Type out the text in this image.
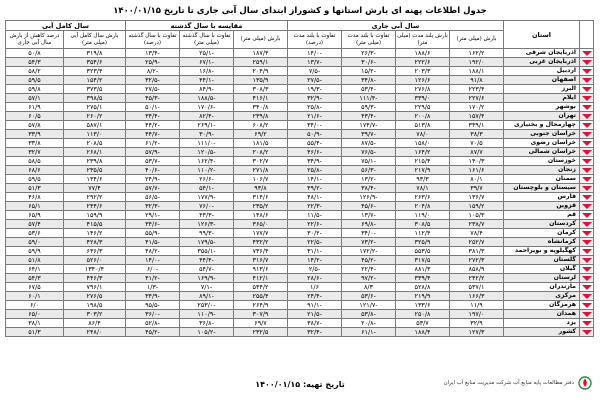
جدول اطلاعات پهنه ای بارش استانها و کشوراز ابتدای سال آبی جاری تا تاریخ ۱۴۰۰/۰۱/۱۵
	استان	سال آبی جاری				مقایسه با سال گذشته			سال کامل آبی	
		بارش (میلی متر)	بارش بلند مدت (میلی متر)	تفاوت با بلند مدت (میلی متر)	تفاوت با بلند مدت (درصد)	بارش (میلی متر)	تفاوت با سال گذشته (میلی متر)	تفاوت با سال گذشته (درصد)	بارش سال کامل آبی (میلی متر)	درصد کاهش از بارش سال آبی جاری
	آذربایجان شرقی	۱۶۲/۲	۱۸۸/۶	-۲۶/۳	-۱۴/۰	۱۸۷/۴	-۲۵/۱	-۱۳/۴	۳۱۹/۸	۵۰/۸
	آذربایجان غربی	۱۹۲/۰	۲۲۲/۶	-۳۰/۶	-۱۳/۷	۲۵۹/۱	-۶۷/۱	-۲۵/۹	۳۵۴/۶	۵۴/۳
	اردبیل	۱۸۸/۱	۲۰۳/۳	-۱۵/۲	-۷/۵	۲۰۴/۹	-۱۶/۸	-۸/۲	۳۲۳/۴	۵۸/۲
	اصفهان	۹۱/۸	۱۲۶/۶	-۳۴/۸	-۲۷/۵	۱۳۵/۹	-۴۴/۱	-۳۲/۵	۱۵۴/۲	۵۹/۵
	البرز	۲۲۳/۴	۲۷۶/۸	-۵۳/۴	-۱۹/۳	۳۰۸/۳	-۸۴/۹	-۲۷/۵	۳۷۳/۵	۵۹/۸
	ایلام	۲۲۷/۶	۳۳۹/۰	-۱۱۱/۴	-۳۲/۹	۴۱۶/۱	-۱۸۸/۵	-۴۵/۳	۳۹۸/۵	۵۷/۱
	بوشهر	۱۷۰/۲	۲۲۹/۵	-۵۹/۳	-۲۵/۸	۳۴۰/۸	-۱۷۰/۶	-۵۰/۱	۲۷۵/۱	۶۱/۹
	تهران	۱۵۷/۴	۲۰۰/۸	-۴۳/۴	-۲۱/۶	۲۳۹/۸	-۸۲/۴	-۳۴/۴	۲۶۰/۲	۶۰/۵
	چهارمحال و بختیاری	۳۳۹/۱	۵۱۳/۸	-۱۷۴/۷	-۳۴/۰	۶۰۸/۲	-۲۶۹/۱	-۴۴/۲	۵۸۷/۱	۵۷/۸
	خراسان جنوبی	۳۸/۳	۷۸/۰	-۳۹/۷	-۵۰/۹	۶۹/۲	-۳۰/۹	-۴۴/۷	۱۱۳/۰	۳۳/۹
	خراسان رضوی	۷۰/۵	۱۵۸/۰	-۸۷/۵	-۵۵/۴	۱۸۱/۵	-۱۱۱/۰	-۶۱/۲	۲۰۸/۵	۳۳/۸
	خراسان شمالی	۸۷/۷	۱۶۴/۲	-۷۶/۵	-۴۶/۶	۲۰۸/۲	-۱۲۰/۵	-۵۷/۹	۲۶۸/۱	۳۲/۷
	خوزستان	۱۴۰/۳	۲۱۵/۴	-۷۵/۱	-۳۴/۹	۳۰۲/۷	-۱۶۲/۴	-۵۳/۷	۲۳۹/۸	۵۸/۵
	زنجان	۱۶۱/۶	۲۱۷/۹	-۵۶/۳	-۲۵/۸	۲۷۱/۸	-۱۱۰/۲	-۴۰/۶	۲۳۵/۵	۶۸/۶
	سمنان	۸۰/۱	۹۳/۳	-۱۳/۲	-۱۴/۱	۱۰۶/۷	-۲۶/۶	-۲۴/۹	۱۳۴/۶	۵۹/۵
	سیستان و بلوچستان	۳۹/۷	۷۸/۱	-۳۸/۴	-۴۹/۲	۹۳/۸	-۵۴/۱	-۵۷/۷	۷۷/۴	۵۱/۳
	فارس	۱۳۶/۷	۲۶۳/۶	-۱۲۶/۹	-۴۸/۱	۳۱۴/۶	-۱۷۷/۹	-۵۶/۵	۲۹۲/۲	۴۶/۸
	قزوین	۱۵۹/۲	۲۰۴/۸	-۴۵/۶	-۲۲/۳	۲۳۵/۲	-۷۶/۰	-۳۲/۳	۲۴۴/۶	۶۵/۱
	قم	۱۰۵/۳	۱۱۹/۰	-۱۳/۷	-۱۱/۵	۱۴۸/۶	-۴۳/۳	-۲۹/۱	۱۵۹/۹	۶۵/۹
	کردستان	۲۳۸/۷	۳۰۸/۵	-۶۹/۸	-۲۲/۶	۳۶۵/۰	-۱۲۶/۳	-۳۴/۶	۴۱۵/۵	۵۷/۴
	کرمان	۷۸/۴	۱۱۲/۴	-۳۴/۰	-۳۰/۲	۱۷۷/۷	-۹۹/۳	-۵۵/۹	۱۴۶/۲	۵۳/۶
	کرمانشاه	۲۵۲/۷	۳۲۵/۹	-۷۳/۲	-۲۲/۵	۴۳۲/۲	-۱۷۹/۵	-۴۱/۵	۴۲۸/۳	۵۹/۰
	کهگیلویه و بویراحمد	۳۸۱/۳	۵۵۳/۵	-۱۷۲/۲	-۳۱/۱	۷۳۶/۴	-۳۵۵/۱	-۴۸/۲	۶۳۶/۳	۵۹/۹
	گلستان	۲۷۲/۳	۳۱۷/۵	-۴۵/۲	-۱۴/۲	۳۱۶/۷	-۴۴/۴	-۱۴/۰	۵۲۶/۰	۵۱/۸
	گیلان	۸۵۸/۹	۸۸۱/۳	-۲۲/۴	-۲/۵	۹۱۳/۶	-۵۴/۷	-۶/۰	۱۳۴۰/۴	۶۴/۱
	لرستان	۲۴۲/۲	۳۳۹/۴	-۹۷/۲	-۲۸/۶	۴۱۲/۱	-۱۶۹/۹	-۴۱/۲	۴۴۶/۳	۵۴/۳
	مازندران	۵۳۷/۱	۵۲۸/۸	۸/۳	۱/۶	۵۴۴/۲	-۷/۱	-۱/۳	۷۹۶/۱	۶۷/۵
	مرکزی	۱۶۶/۳	۲۱۹/۹	-۵۳/۶	-۲۴/۴	۲۵۵/۴	-۸۹/۱	-۳۴/۹	۲۷۶/۵	۶۰/۱
	هرمزگان	۱۱/۹	۱۳۳/۶	-۱۲۱/۷	-۹۱/۱	۲۶۴/۹	-۲۵۳/۰	-۹۵/۵	۱۹۸/۵	۶/۰
	همدان	۱۹۷/۰	۲۵۰/۸	-۵۳/۸	-۲۱/۵	۳۰۷/۹	-۱۱۰/۹	-۳۶/۰	۳۰۳/۲	۶۵/۰
	یزد	۳۲/۹	۵۳/۷	-۲۰/۸	-۳۸/۷	۶۹/۷	-۳۶/۸	-۵۲/۸	۸۶/۴	۳۸/۱
	کشور	۱۲۷/۳	۱۸۸/۴	-۶۱/۱	-۳۲/۴	۲۳۲/۵	-۱۰۵/۲	-۴۵/۲	۲۴۸/۰	۵۱/۳
تاریخ تهیه: ۱۴۰۰/۰۱/۱۵	دفتر مطالعات پایه منابع آب شرکت مدیریت منابع آب ایران
